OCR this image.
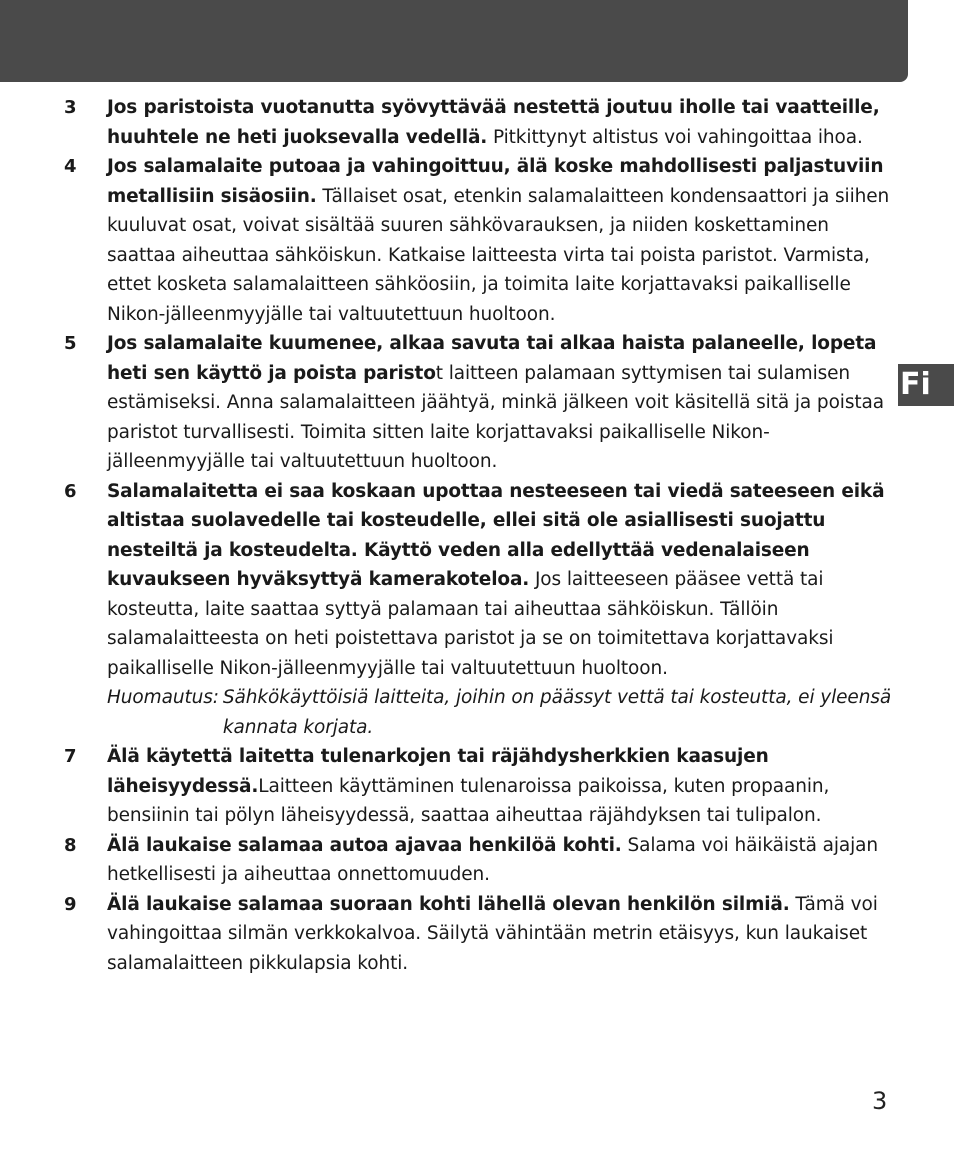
Fi
3	Jos paristoista vuotanutta syövyttävää nestettä joutuu iholle tai vaatteille, huuhtele ne heti juoksevalla vedellä. Pitkittynyt altistus voi vahingoittaa ihoa.
4	Jos salamalaite putoaa ja vahingoittuu, älä koske mahdollisesti paljastuviin metallisiin sisäosiin. Tällaiset osat, etenkin salamalaitteen kondensaattori ja siihen kuuluvat osat, voivat sisältää suuren sähkövarauksen, ja niiden koskettaminen saattaa aiheuttaa sähköiskun. Katkaise laitteesta virta tai poista paristot. Varmista, ettet kosketa salamalaitteen sähköosiin, ja toimita laite korjattavaksi paikalliselle Nikon-jälleenmyyjälle tai valtuutettuun huoltoon.
5	Jos salamalaite kuumenee, alkaa savuta tai alkaa haista palaneelle, lopeta heti sen käyttö ja poista paristot laitteen palamaan syttymisen tai sulamisen estämiseksi. Anna salamalaitteen jäähtyä, minkä jälkeen voit käsitellä sitä ja poistaa paristot turvallisesti. Toimita sitten laite korjattavaksi paikalliselle Nikon-jälleenmyyjälle tai valtuutettuun huoltoon.
6	Salamalaitetta ei saa koskaan upottaa nesteeseen tai viedä sateeseen eikä altistaa suolavedelle tai kosteudelle, ellei sitä ole asiallisesti suojattu nesteiltä ja kosteudelta. Käyttö veden alla edellyttää vedenalaiseen kuvaukseen hyväksyttyä kamerakoteloa. Jos laitteeseen pääsee vettä tai kosteutta, laite saattaa syttyä palamaan tai aiheuttaa sähköiskun. Tällöin salamalaitteesta on heti poistettava paristot ja se on toimitettava korjattavaksi paikalliselle Nikon-jälleenmyyjälle tai valtuutettuun huoltoon.
Huomautus: Sähkökäyttöisiä laitteita, joihin on päässyt vettä tai kosteutta, ei yleensä kannata korjata.
7	Älä käytettä laitetta tulenarkojen tai räjähdysherkkien kaasujen läheisyydessä.Laitteen käyttäminen tulenaroissa paikoissa, kuten propaanin, bensiinin tai pölyn läheisyydessä, saattaa aiheuttaa räjähdyksen tai tulipalon.
8	Älä laukaise salamaa autoa ajavaa henkilöä kohti. Salama voi häikäistä ajajan hetkellisesti ja aiheuttaa onnettomuuden.
9	Älä laukaise salamaa suoraan kohti lähellä olevan henkilön silmiä. Tämä voi vahingoittaa silmän verkkokalvoa. Säilytä vähintään metrin etäisyys, kun laukaiset salamalaitteen pikkulapsia kohti.
3
